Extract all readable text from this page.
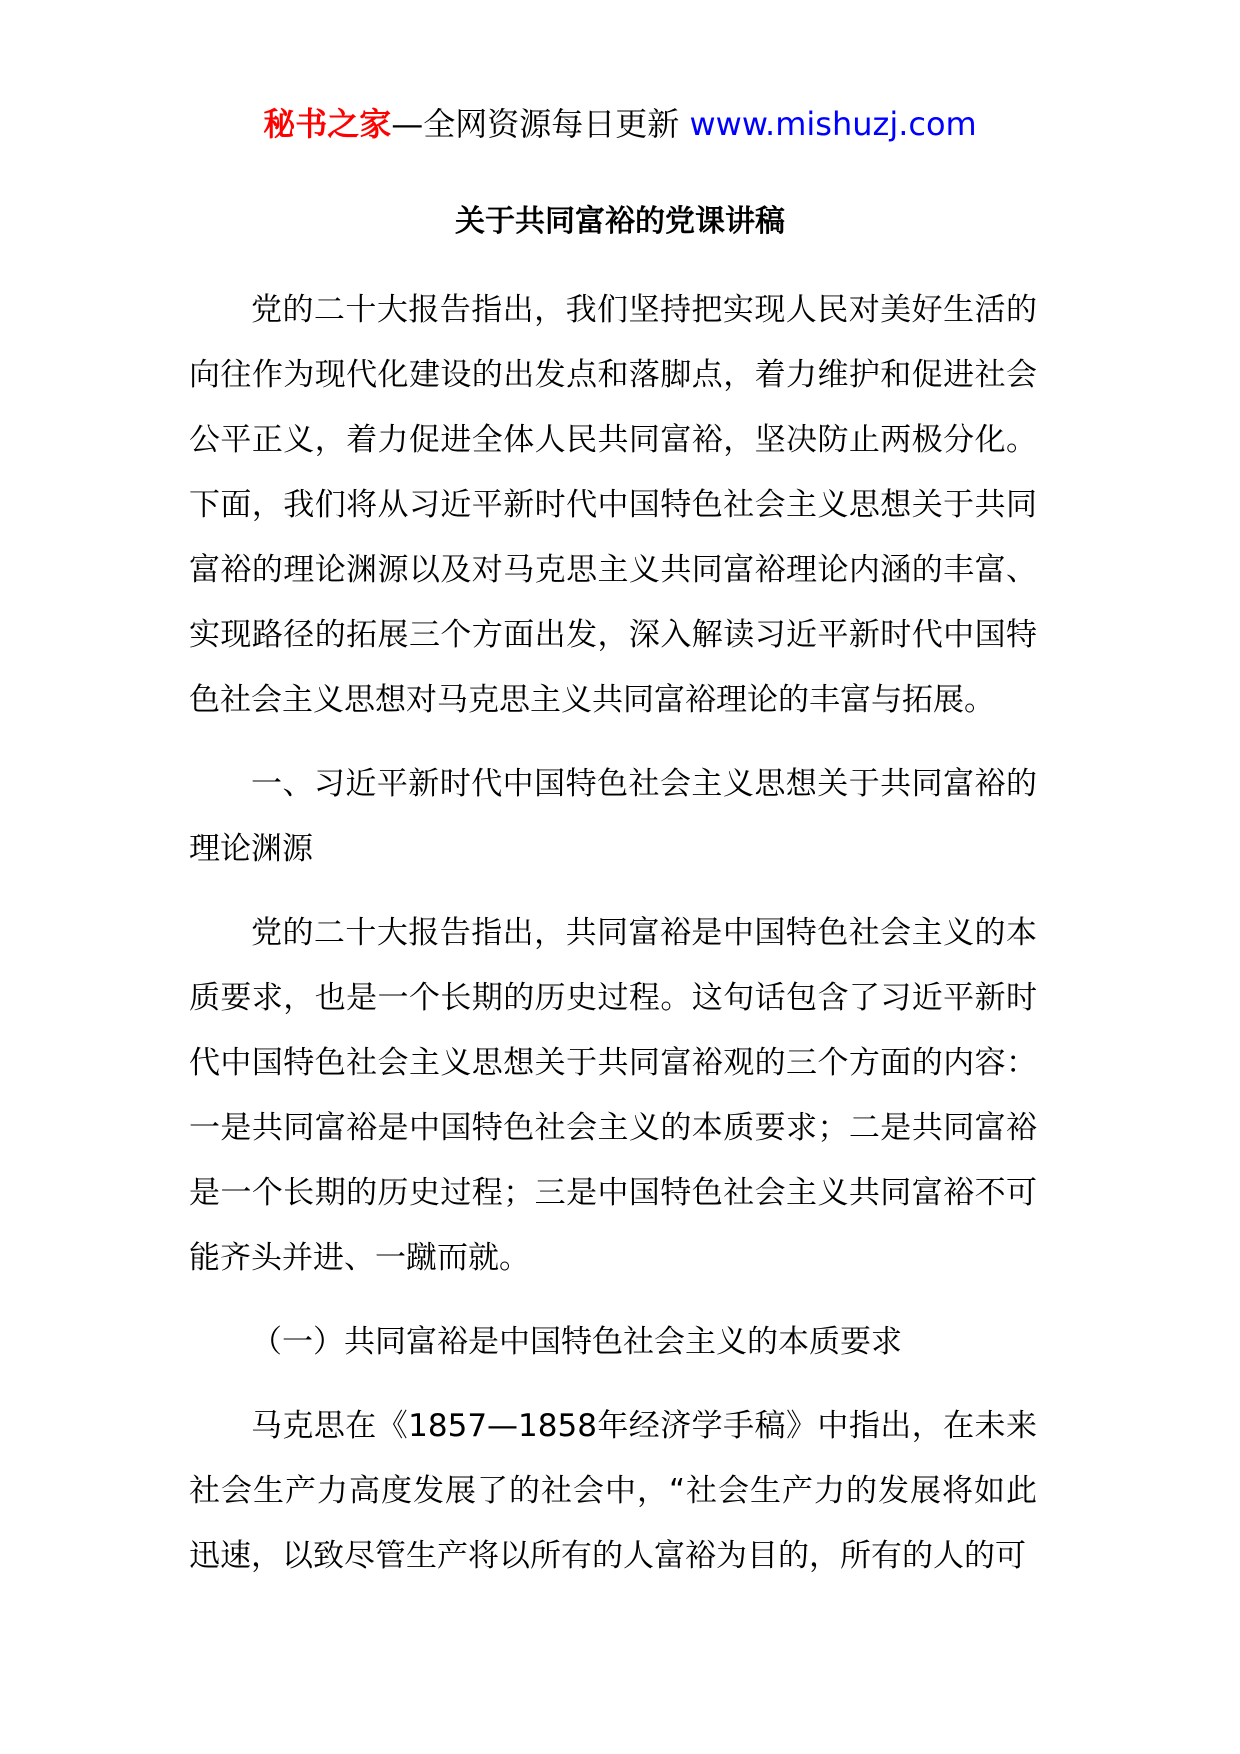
秘书之家—全网资源每日更新 www.mishuzj.com
关于共同富裕的党课讲稿

党的二十大报告指出，我们坚持把实现人民对美好生活的向往作为现代化建设的出发点和落脚点，着力维护和促进社会公平正义，着力促进全体人民共同富裕，坚决防止两极分化。下面，我们将从习近平新时代中国特色社会主义思想关于共同富裕的理论渊源以及对马克思主义共同富裕理论内涵的丰富、实现路径的拓展三个方面出发，深入解读习近平新时代中国特色社会主义思想对马克思主义共同富裕理论的丰富与拓展。

一、习近平新时代中国特色社会主义思想关于共同富裕的理论渊源

党的二十大报告指出，共同富裕是中国特色社会主义的本质要求，也是一个长期的历史过程。这句话包含了习近平新时代中国特色社会主义思想关于共同富裕观的三个方面的内容：一是共同富裕是中国特色社会主义的本质要求；二是共同富裕是一个长期的历史过程；三是中国特色社会主义共同富裕不可能齐头并进、一蹴而就。

（一）共同富裕是中国特色社会主义的本质要求

马克思在《1857—1858年经济学手稿》中指出，在未来社会生产力高度发展了的社会中，“社会生产力的发展将如此迅速，以致尽管生产将以所有的人富裕为目的，所有的人的可
